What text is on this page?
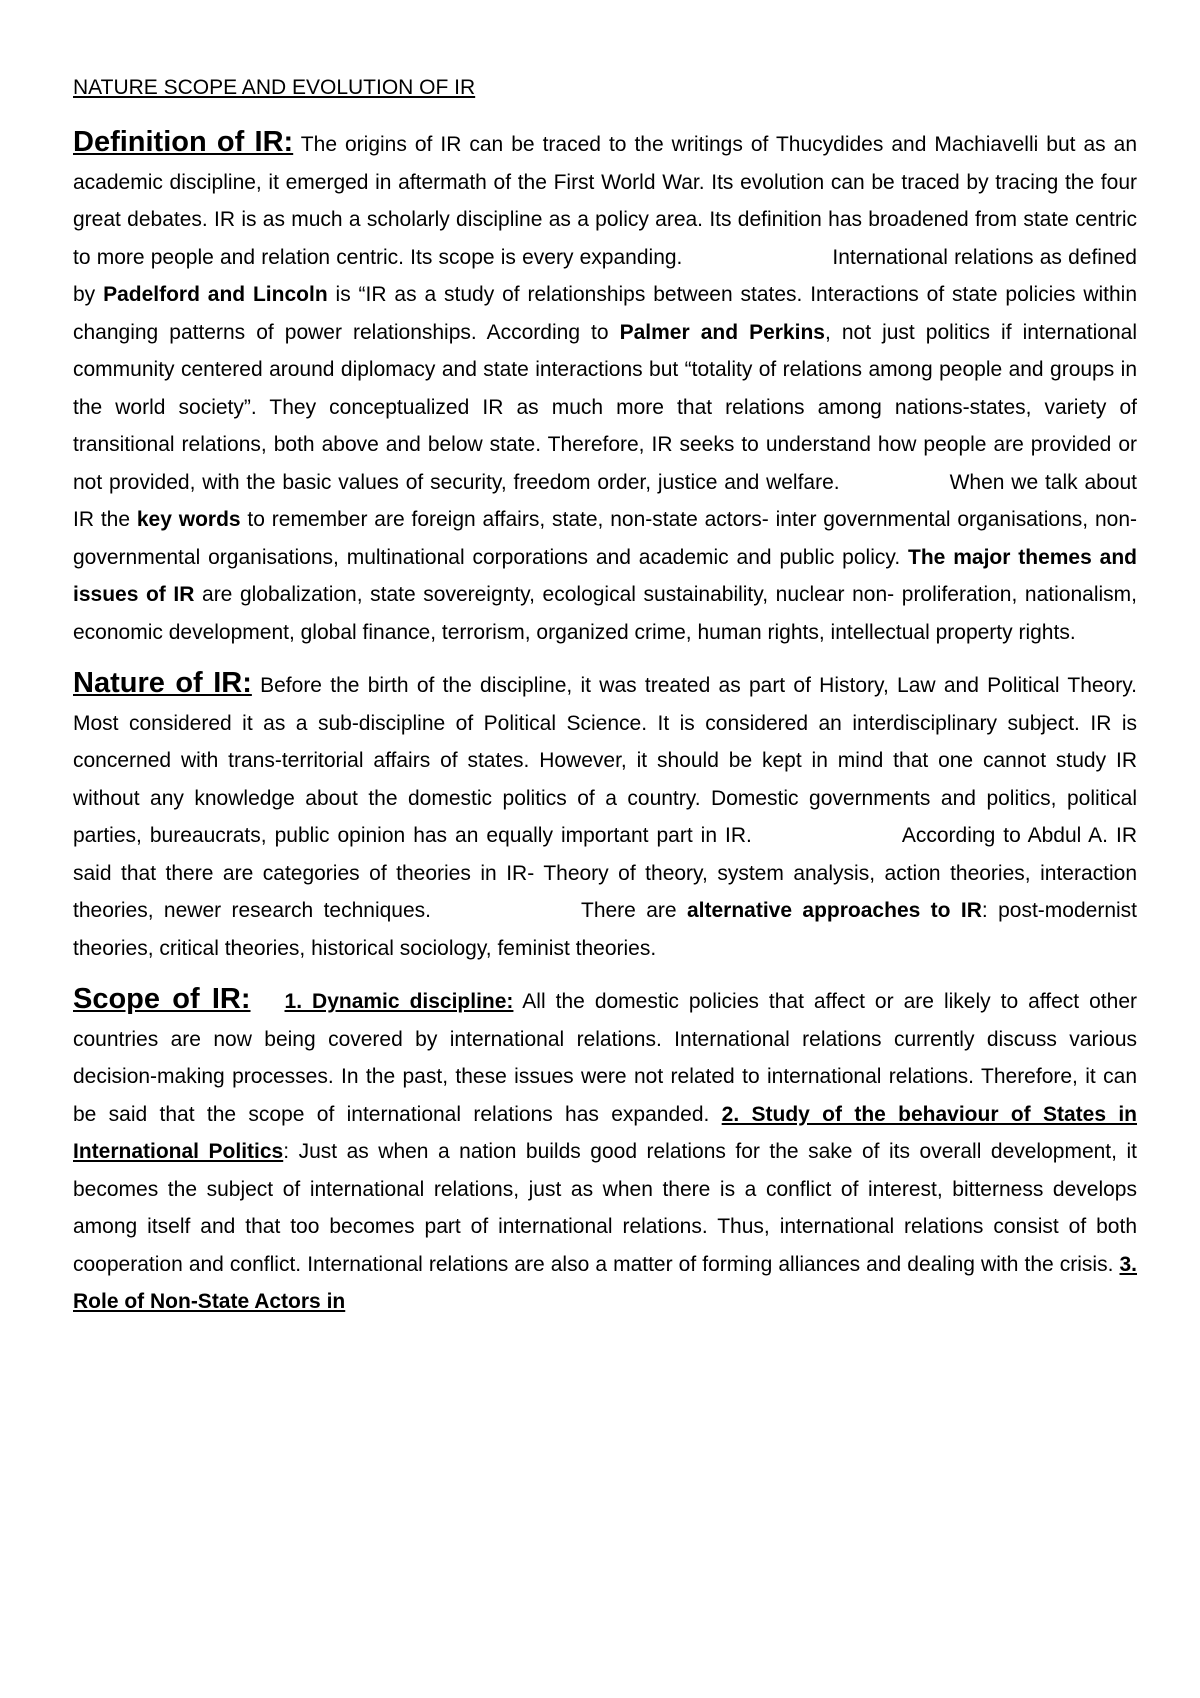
NATURE SCOPE AND EVOLUTION OF IR

Definition of IR: The origins of IR can be traced to the writings of Thucydides and Machiavelli but as an academic discipline, it emerged in aftermath of the First World War. Its evolution can be traced by tracing the four great debates. IR is as much a scholarly discipline as a policy area. Its definition has broadened from state centric to more people and relation centric. Its scope is every expanding.	International relations as defined by Padelford and Lincoln is “IR as a study of relationships between states. Interactions of state policies within changing patterns of power relationships. According to Palmer and Perkins, not just politics if international community centered around diplomacy and state interactions but “totality of relations among people and groups in the world society”. They conceptualized IR as much more that relations among nations-states, variety of transitional relations, both above and below state. Therefore, IR seeks to understand how people are provided or not provided, with the basic values of security, freedom order, justice and welfare.	When we talk about IR the key words to remember are foreign affairs, state, non-state actors- inter governmental organisations, non-governmental organisations, multinational corporations and academic and public policy. The major themes and issues of IR are globalization, state sovereignty, ecological sustainability, nuclear non- proliferation, nationalism, economic development, global finance, terrorism, organized crime, human rights, intellectual property rights.

Nature of IR: Before the birth of the discipline, it was treated as part of History, Law and Political Theory. Most considered it as a sub-discipline of Political Science. It is considered an interdisciplinary subject. IR is concerned with trans-territorial affairs of states. However, it should be kept in mind that one cannot study IR without any knowledge about the domestic politics of a country. Domestic governments and politics, political parties, bureaucrats, public opinion has an equally important part in IR.	According to Abdul A. IR said that there are categories of theories in IR- Theory of theory, system analysis, action theories, interaction theories, newer research techniques.	There are alternative approaches to IR: post-modernist theories, critical theories, historical sociology, feminist theories.

Scope of IR: 1. Dynamic discipline: All the domestic policies that affect or are likely to affect other countries are now being covered by international relations. International relations currently discuss various decision-making processes. In the past, these issues were not related to international relations. Therefore, it can be said that the scope of international relations has expanded. 2. Study of the behaviour of States in International Politics: Just as when a nation builds good relations for the sake of its overall development, it becomes the subject of international relations, just as when there is a conflict of interest, bitterness develops among itself and that too becomes part of international relations. Thus, international relations consist of both cooperation and conflict. International relations are also a matter of forming alliances and dealing with the crisis. 3. Role of Non-State Actors in
